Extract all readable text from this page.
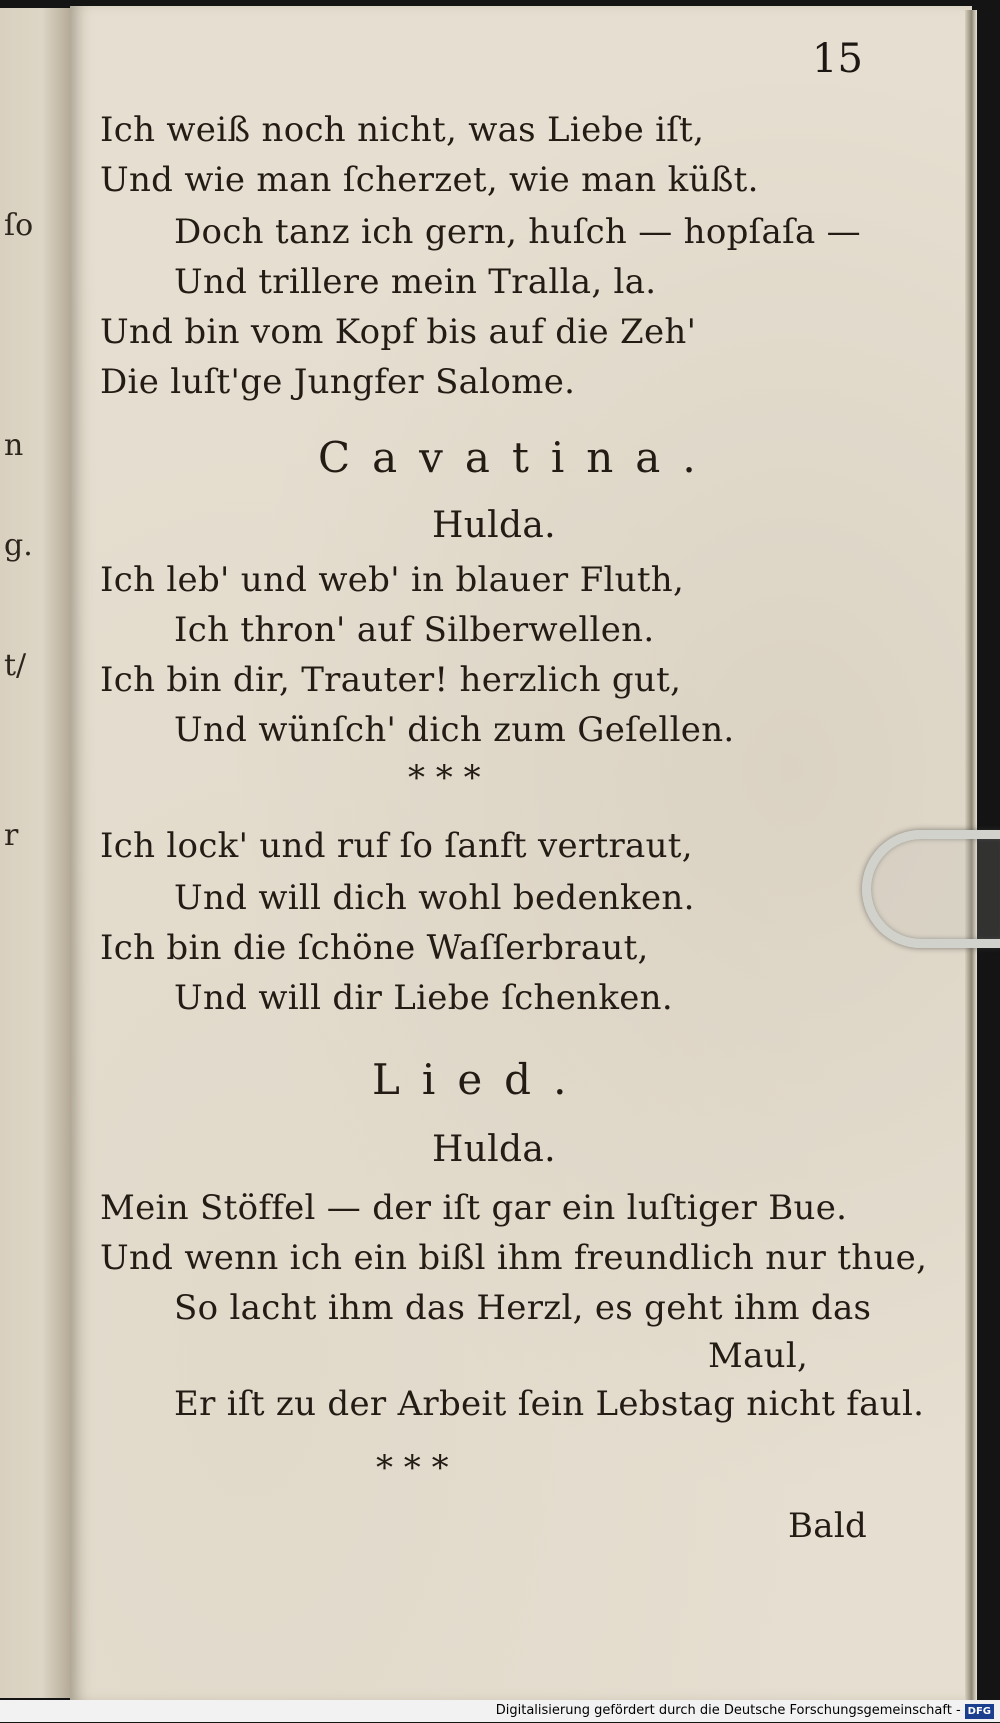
ſo
n
g.
t/
r
15
Ich weiß noch nicht, was Liebe iſt,
Und wie man ſcherzet, wie man küßt.
Doch tanz ich gern, huſch — hopſaſa —
Und trillere mein Tralla, la.
Und bin vom Kopf bis auf die Zeh'
Die luſt'ge Jungfer Salome.
Cavatina.
Hulda.
Ich leb' und web' in blauer Fluth,
Ich thron' auf Silberwellen.
Ich bin dir, Trauter! herzlich gut,
Und wünſch' dich zum Geſellen.
* * *
Ich lock' und ruf ſo ſanft vertraut,
Und will dich wohl bedenken.
Ich bin die ſchöne Waſſerbraut,
Und will dir Liebe ſchenken.
Lied.
Hulda.
Mein Stöffel — der iſt gar ein luſtiger Bue.
Und wenn ich ein bißl ihm freundlich nur thue,
So lacht ihm das Herzl, es geht ihm das
Maul,
Er iſt zu der Arbeit ſein Lebstag nicht faul.
* * *
Bald
Digitalisierung gefördert durch die Deutsche Forschungsgemeinschaft - DFG
